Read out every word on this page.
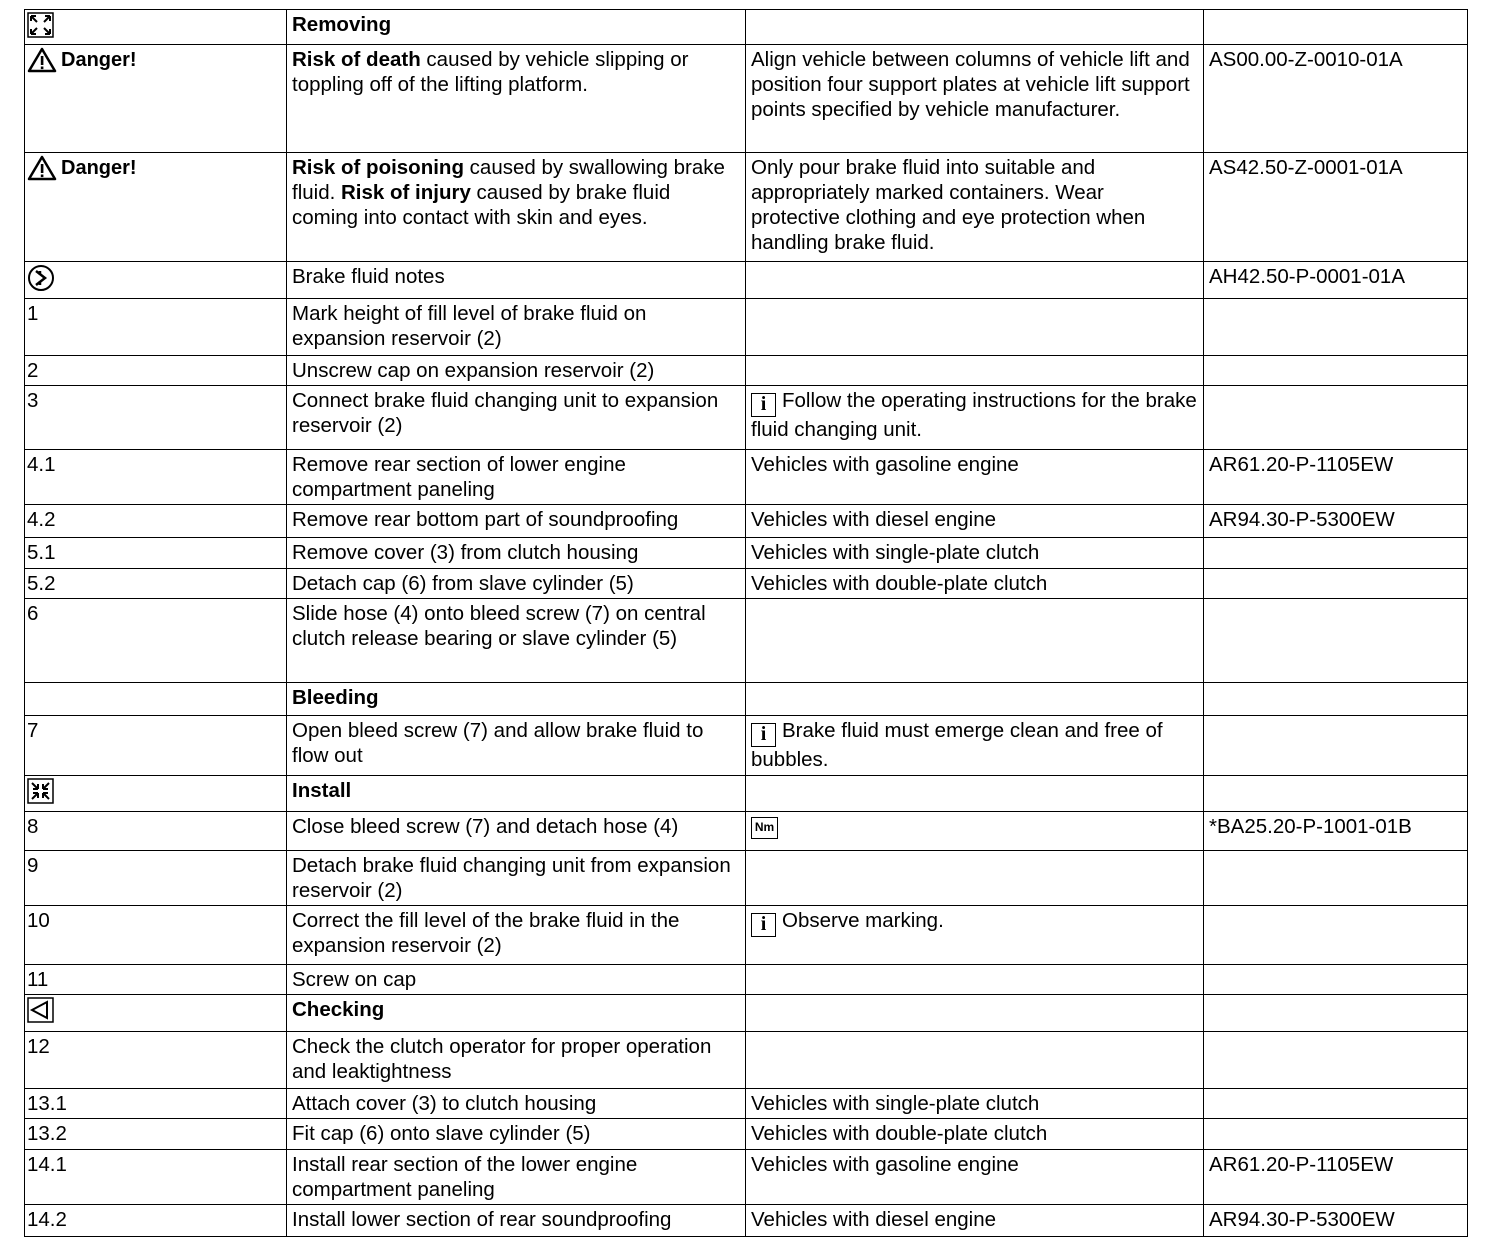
	Removing		

Danger!	Risk of death caused by vehicle slipping or toppling off of the lifting platform.	Align vehicle between columns of vehicle lift and position four support plates at vehicle lift support points specified by vehicle manufacturer.	AS00.00-Z-0010-01A

Danger!	Risk of poisoning caused by swallowing brake fluid. Risk of injury caused by brake fluid coming into contact with skin and eyes.	Only pour brake fluid into suitable and appropriately marked containers. Wear protective clothing and eye protection when handling brake fluid.	AS42.50-Z-0001-01A
	Brake fluid notes		AH42.50-P-0001-01A
1	Mark height of fill level of brake fluid on expansion reservoir (2)		
2	Unscrew cap on expansion reservoir (2)		
3	Connect brake fluid changing unit to expansion reservoir (2)	i Follow the operating instructions for the brake fluid changing unit.	
4.1	Remove rear section of lower engine compartment paneling	Vehicles with gasoline engine	AR61.20-P-1105EW
4.2	Remove rear bottom part of soundproofing	Vehicles with diesel engine	AR94.30-P-5300EW
5.1	Remove cover (3) from clutch housing	Vehicles with single-plate clutch	
5.2	Detach cap (6) from slave cylinder (5)	Vehicles with double-plate clutch	
6	Slide hose (4) onto bleed screw (7) on central clutch release bearing or slave cylinder (5)		
	Bleeding		
7	Open bleed screw (7) and allow brake fluid to flow out	i Brake fluid must emerge clean and free of bubbles.	
	Install		
8	Close bleed screw (7) and detach hose (4)	Nm	*BA25.20-P-1001-01B
9	Detach brake fluid changing unit from expansion reservoir (2)		
10	Correct the fill level of the brake fluid in the expansion reservoir (2)	i Observe marking.	
11	Screw on cap		
	Checking		
12	Check the clutch operator for proper operation and leaktightness		
13.1	Attach cover (3) to clutch housing	Vehicles with single-plate clutch	
13.2	Fit cap (6) onto slave cylinder (5)	Vehicles with double-plate clutch	
14.1	Install rear section of the lower engine compartment paneling	Vehicles with gasoline engine	AR61.20-P-1105EW
14.2	Install lower section of rear soundproofing	Vehicles with diesel engine	AR94.30-P-5300EW
